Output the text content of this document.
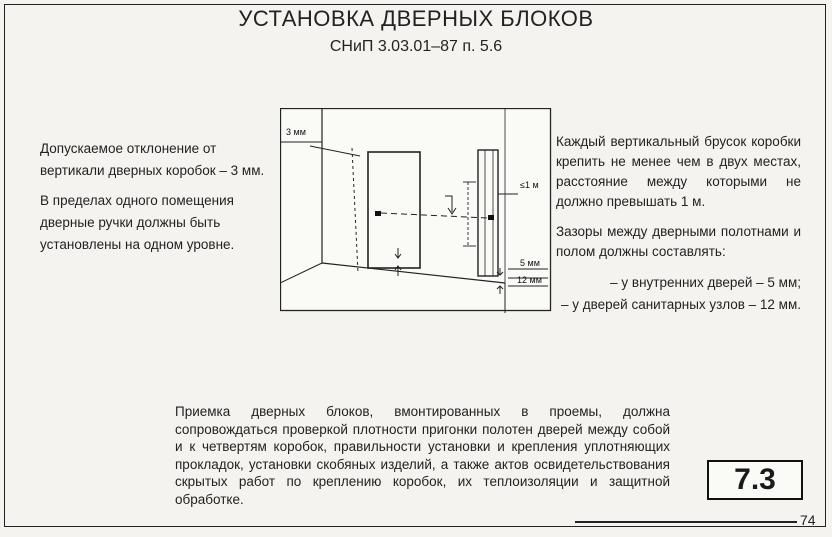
УСТАНОВКА ДВЕРНЫХ БЛОКОВ
СНиП 3.03.01–87 п. 5.6

Допускаемое отклонение от вертикали дверных коробок – 3 мм.

В пределах одного помещения дверные ручки должны быть установлены на одном уровне.

3 мм
≤1 м
5 мм
12 мм

Каждый вертикальный брусок коробки крепить не менее чем в двух местах, расстояние между которыми не должно превышать 1 м.

Зазоры между дверными полотнами и полом должны составлять:

– у внутренних дверей – 5 мм;

– у дверей санитарных узлов – 12 мм.

Приемка дверных блоков, вмонтированных в проемы, должна сопровождаться проверкой плотности пригонки полотен дверей между собой и к четвертям коробок, правильности установки и крепления уплотняющих прокладок, установки скобяных изделий, а также актов освидетельствования скрытых работ по креплению коробок, их теплоизоляции и защитной обработке.
7.3
74
